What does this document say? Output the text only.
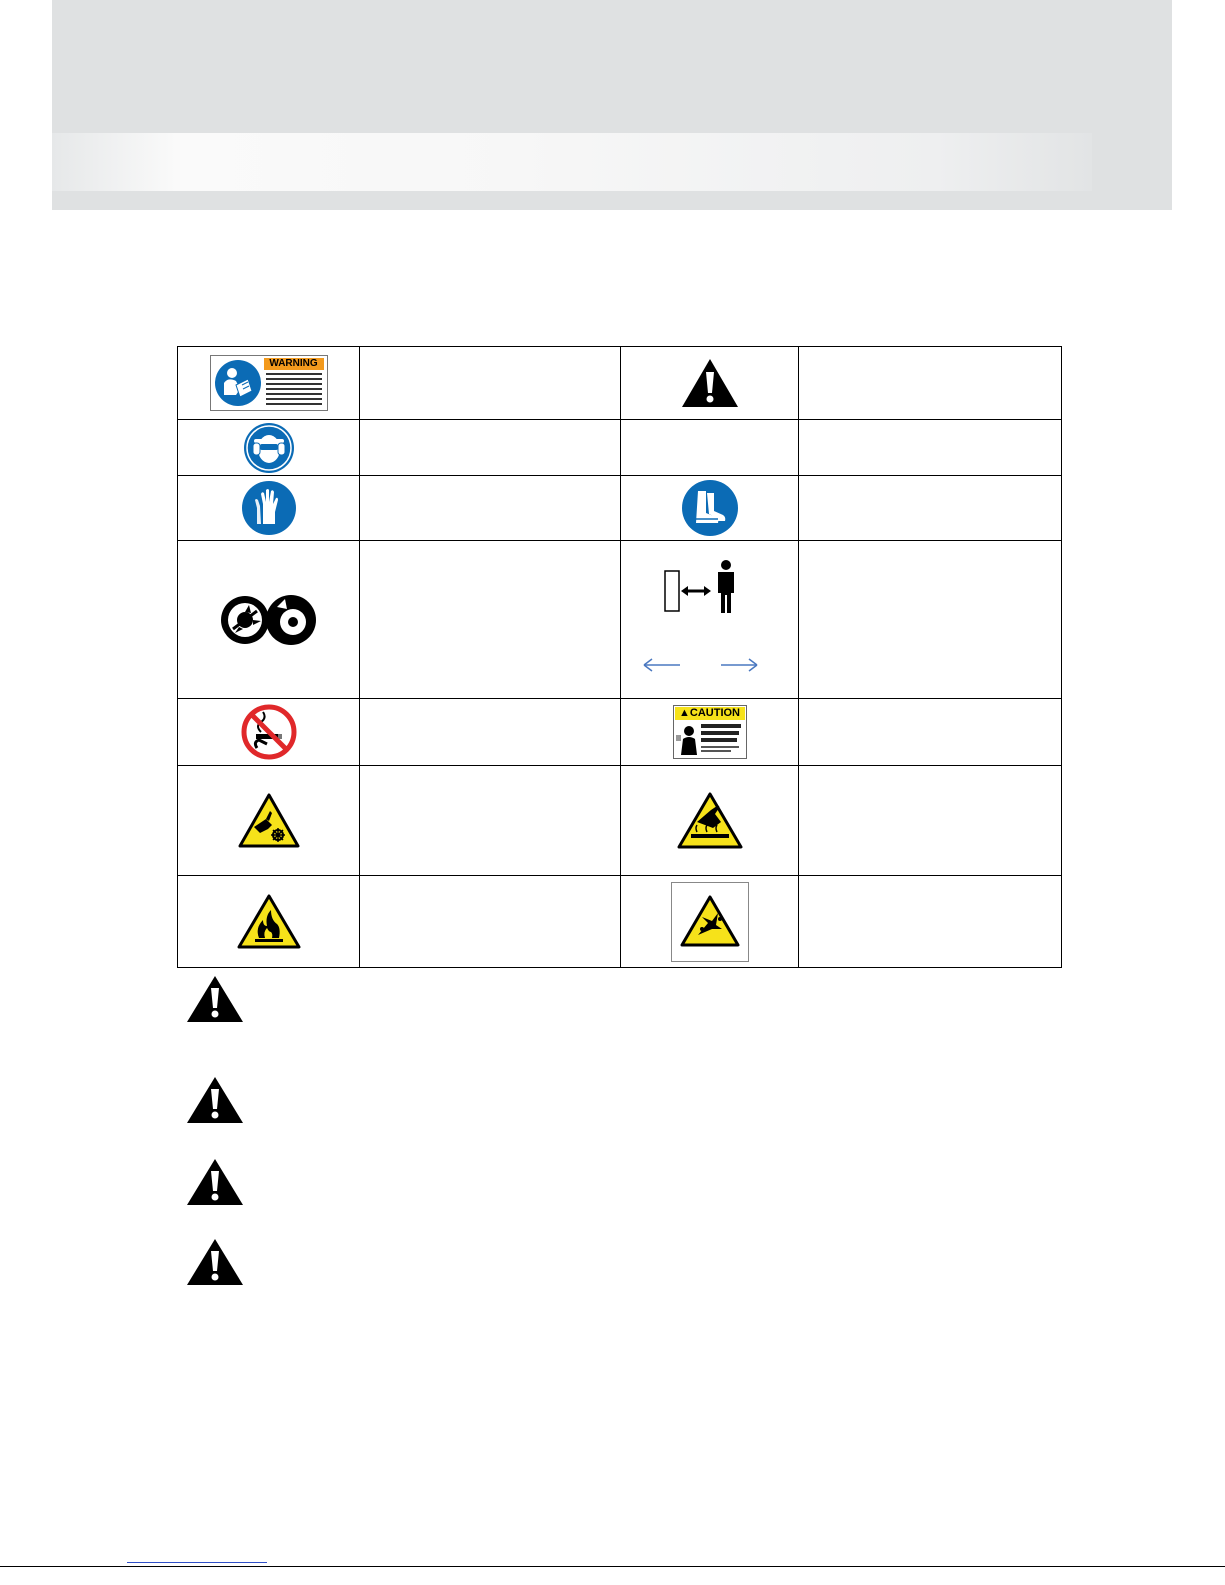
WARNING

▲CAUTION	
